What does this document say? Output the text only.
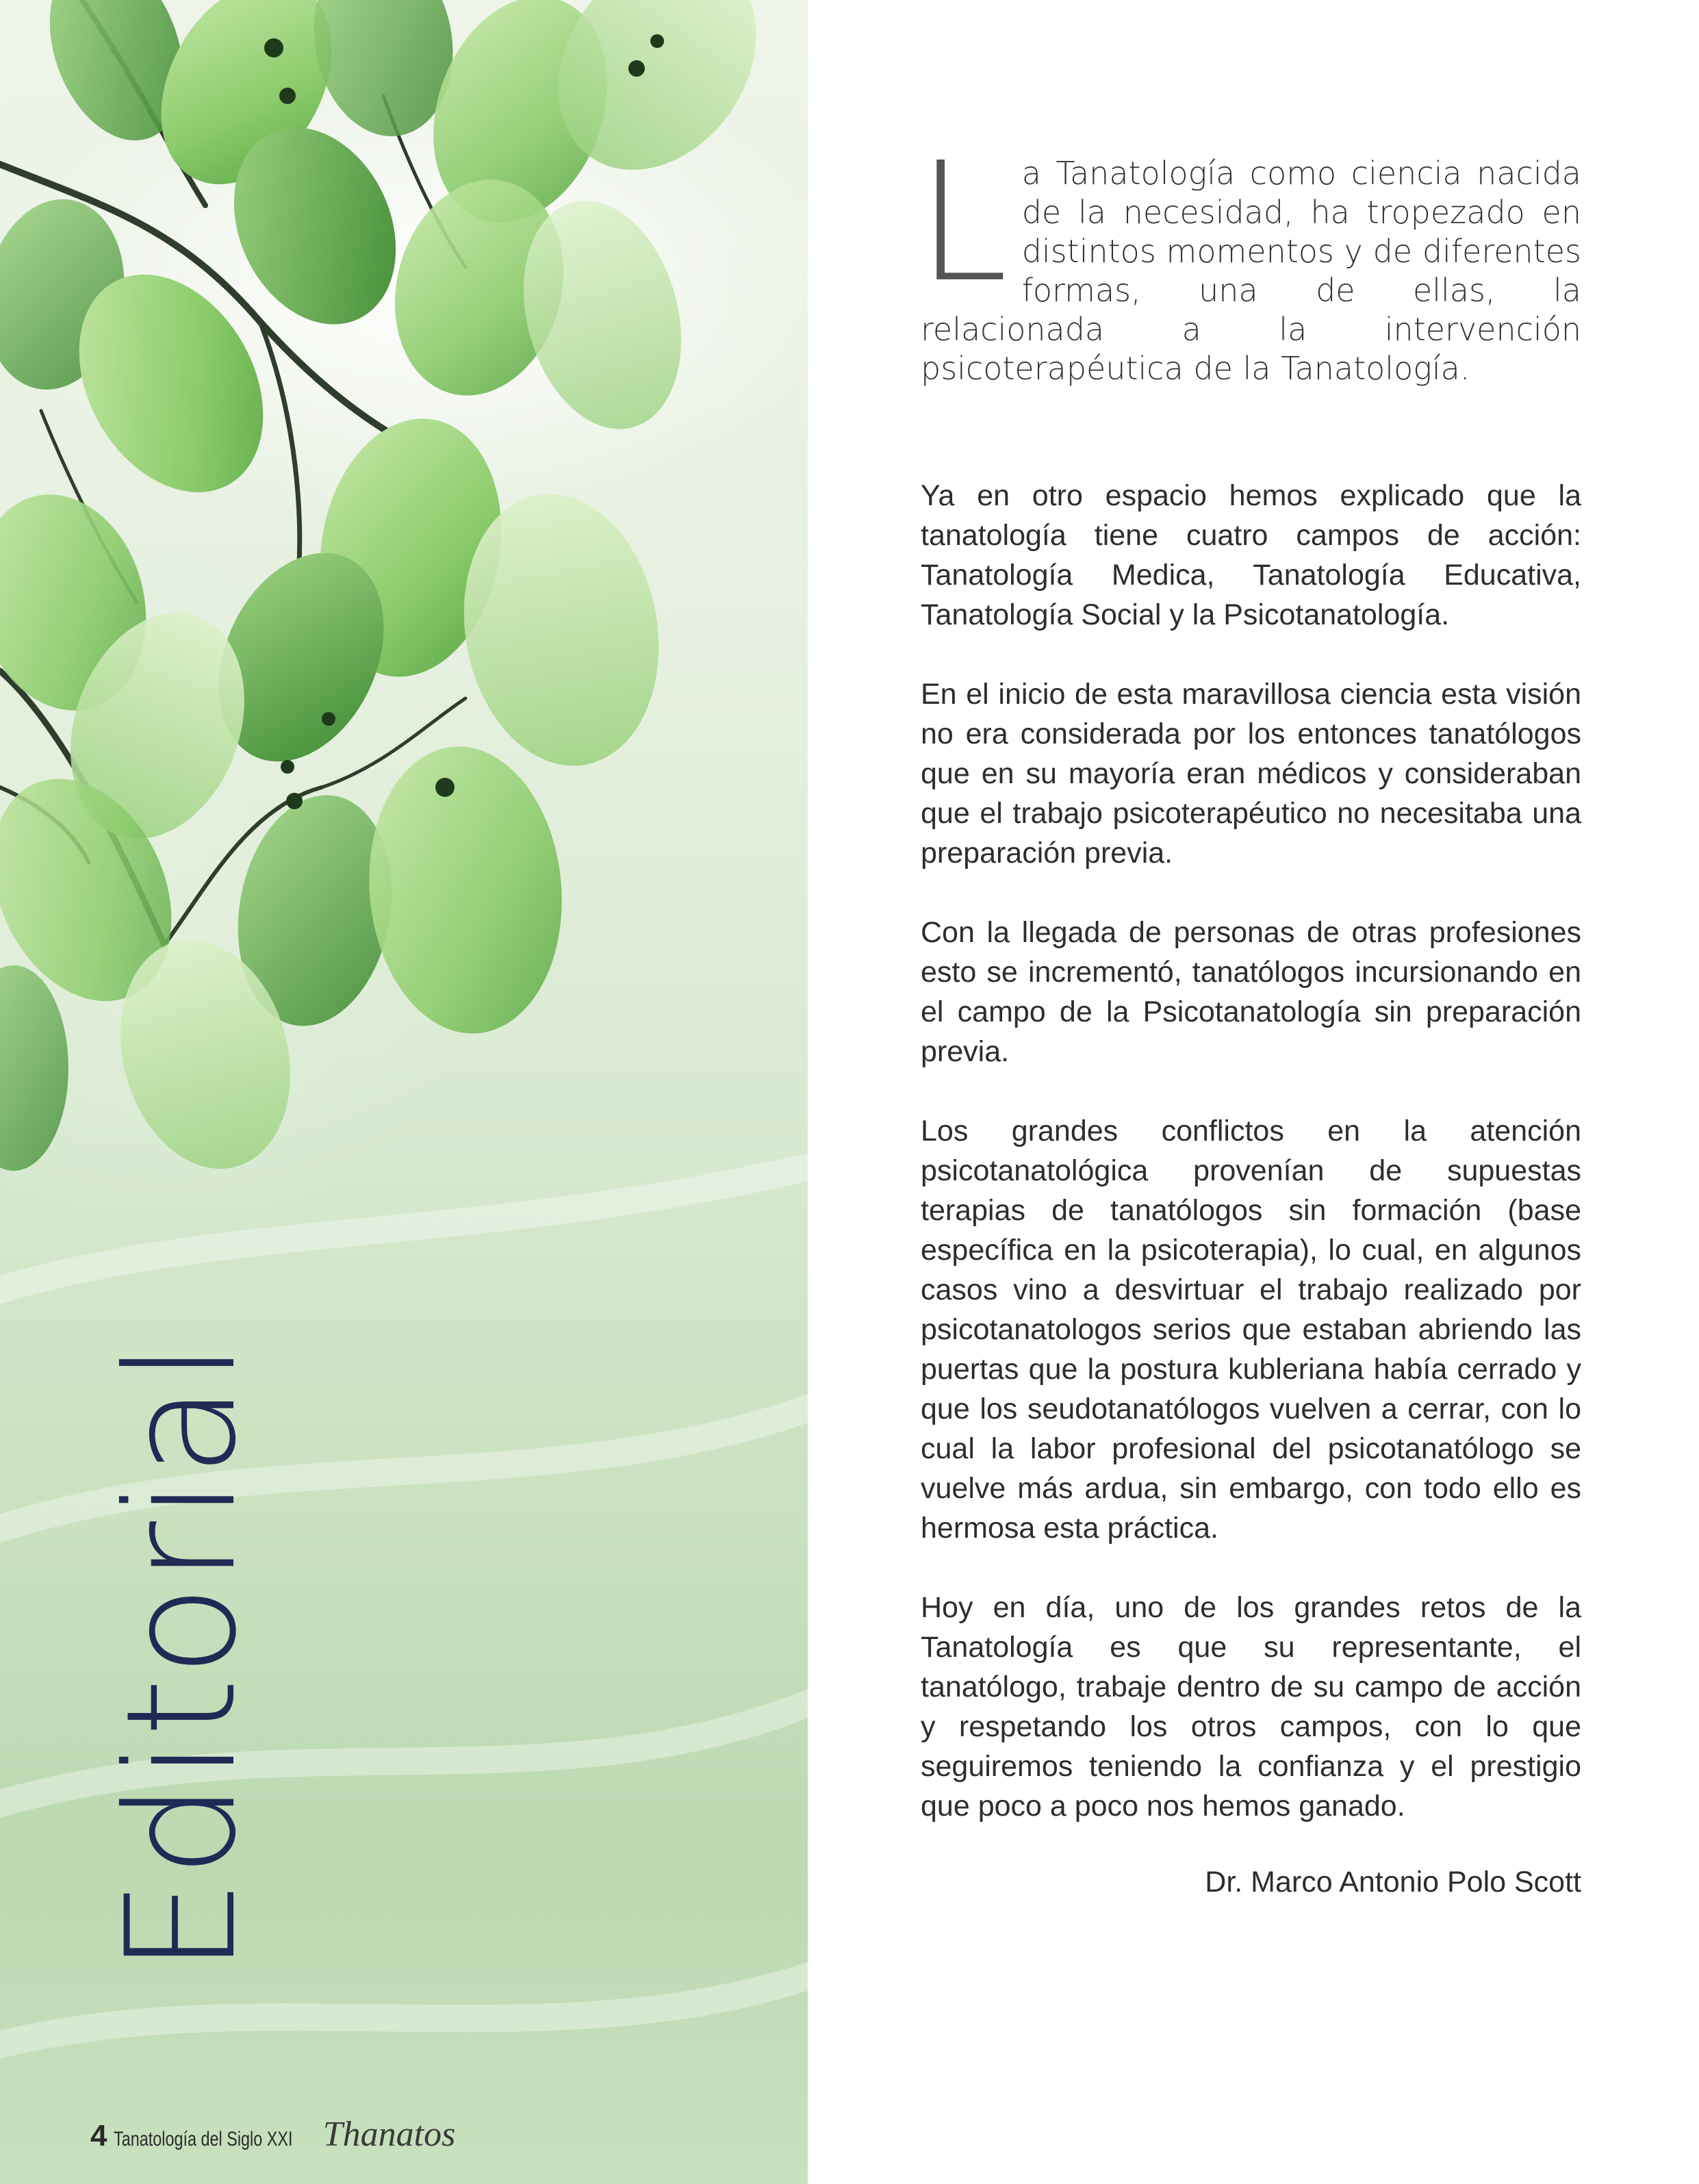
Editorial
4 Tanatología del Siglo XXI Thanatos

L a Tanatología como ciencia nacida de la necesidad, ha tropezado en distintos momentos y de diferentes formas, una de ellas, la relacionada a la intervención psicoterapéutica de la Tanatología.

Ya en otro espacio hemos explicado que la tanatología tiene cuatro campos de acción: Tanatología Medica, Tanatología Educativa, Tanatología Social y la Psicotanatología.

En el inicio de esta maravillosa ciencia esta visión no era considerada por los entonces tanatólogos que en su mayoría eran médicos y consideraban que el trabajo psicoterapéutico no necesitaba una preparación previa.

Con la llegada de personas de otras profesiones esto se incrementó, tanatólogos incursionando en el campo de la Psicotanatología sin preparación previa.

Los grandes conflictos en la atención psicotanatológica provenían de supuestas terapias de tanatólogos sin formación (base específica en la psicoterapia), lo cual, en algunos casos vino a desvirtuar el trabajo realizado por psicotanatologos serios que estaban abriendo las puertas que la postura kubleriana había cerrado y que los seudotanatólogos vuelven a cerrar, con lo cual la labor profesional del psicotanatólogo se vuelve más ardua, sin embargo, con todo ello es hermosa esta práctica.

Hoy en día, uno de los grandes retos de la Tanatología es que su representante, el tanatólogo, trabaje dentro de su campo de acción y respetando los otros campos, con lo que seguiremos teniendo la confianza y el prestigio que poco a poco nos hemos ganado.

Dr. Marco Antonio Polo Scott
